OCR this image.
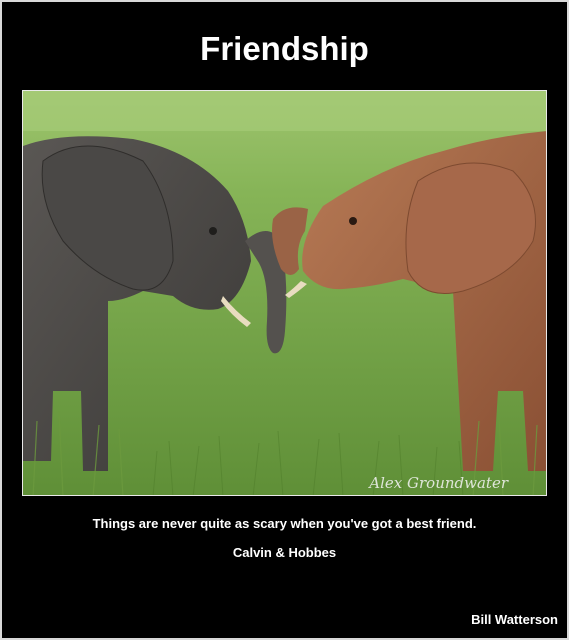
Friendship
Alex Groundwater
Things are never quite as scary when you've got a best friend.
Calvin & Hobbes
Bill Watterson
